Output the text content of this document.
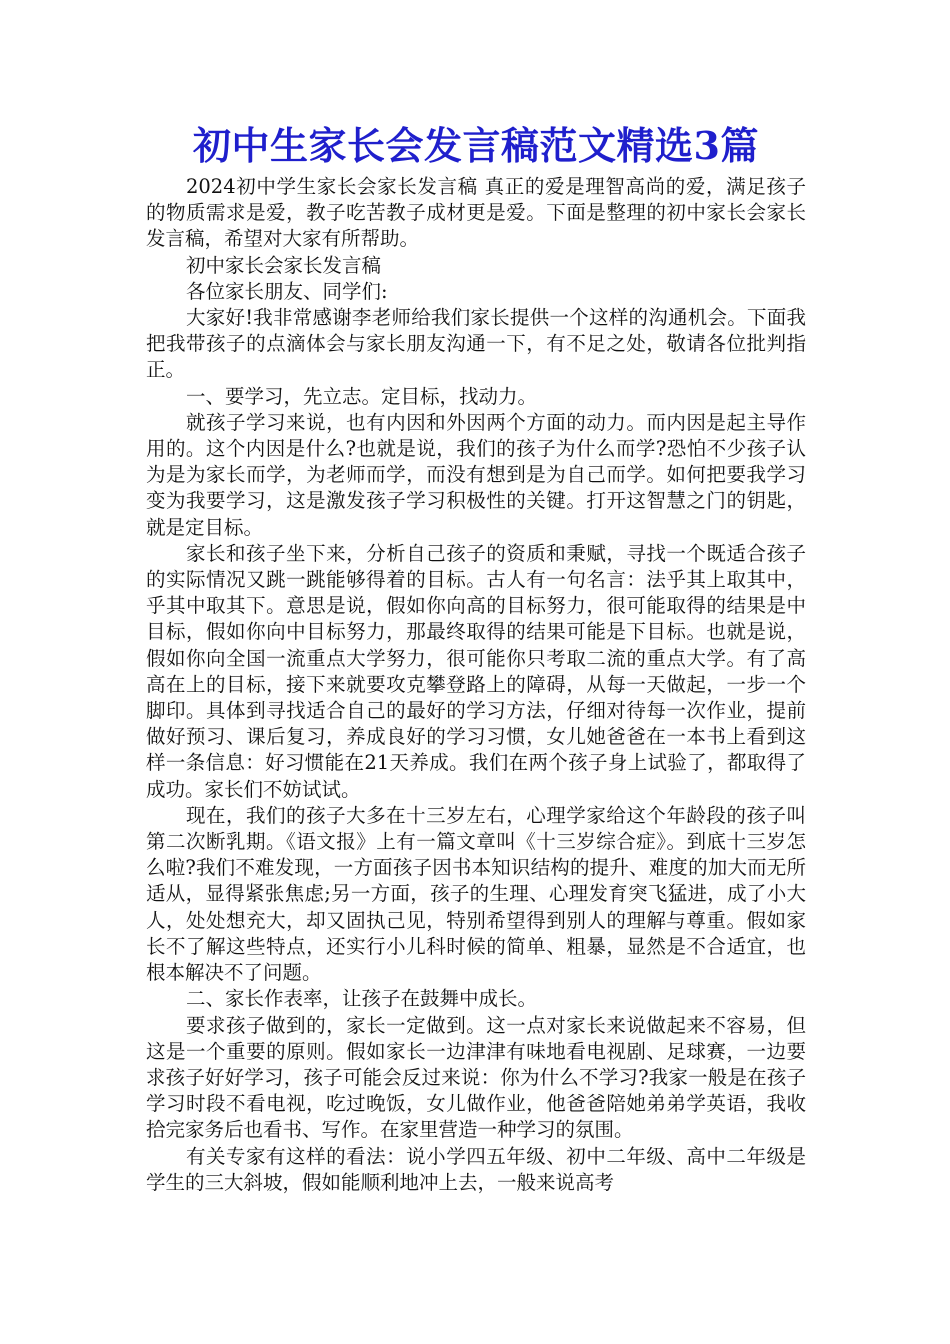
初中生家长会发言稿范文精选3篇

2024初中学生家长会家长发言稿 真正的爱是理智高尚的爱，满足孩子的物质需求是爱，教子吃苦教子成材更是爱。下面是整理的初中家长会家长发言稿，希望对大家有所帮助。

初中家长会家长发言稿

各位家长朋友、同学们:

大家好!我非常感谢李老师给我们家长提供一个这样的沟通机会。下面我把我带孩子的点滴体会与家长朋友沟通一下，有不足之处，敬请各位批判指正。

一、要学习，先立志。定目标，找动力。

就孩子学习来说，也有内因和外因两个方面的动力。而内因是起主导作用的。这个内因是什么?也就是说，我们的孩子为什么而学?恐怕不少孩子认为是为家长而学，为老师而学，而没有想到是为自己而学。如何把要我学习变为我要学习，这是激发孩子学习积极性的关键。打开这智慧之门的钥匙，就是定目标。

家长和孩子坐下来，分析自己孩子的资质和秉赋，寻找一个既适合孩子的实际情况又跳一跳能够得着的目标。古人有一句名言：法乎其上取其中，乎其中取其下。意思是说，假如你向高的目标努力，很可能取得的结果是中目标，假如你向中目标努力，那最终取得的结果可能是下目标。也就是说，假如你向全国一流重点大学努力，很可能你只考取二流的重点大学。有了高高在上的目标，接下来就要攻克攀登路上的障碍，从每一天做起，一步一个脚印。具体到寻找适合自己的最好的学习方法，仔细对待每一次作业，提前做好预习、课后复习，养成良好的学习习惯，女儿她爸爸在一本书上看到这样一条信息：好习惯能在21天养成。我们在两个孩子身上试验了，都取得了成功。家长们不妨试试。

现在，我们的孩子大多在十三岁左右，心理学家给这个年龄段的孩子叫第二次断乳期。《语文报》上有一篇文章叫《十三岁综合症》。到底十三岁怎么啦?我们不难发现，一方面孩子因书本知识结构的提升、难度的加大而无所适从，显得紧张焦虑;另一方面，孩子的生理、心理发育突飞猛进，成了小大人，处处想充大，却又固执己见，特别希望得到别人的理解与尊重。假如家长不了解这些特点，还实行小儿科时候的简单、粗暴，显然是不合适宜，也根本解决不了问题。

二、家长作表率，让孩子在鼓舞中成长。

要求孩子做到的，家长一定做到。这一点对家长来说做起来不容易，但这是一个重要的原则。假如家长一边津津有味地看电视剧、足球赛，一边要求孩子好好学习，孩子可能会反过来说：你为什么不学习?我家一般是在孩子学习时段不看电视，吃过晚饭，女儿做作业，他爸爸陪她弟弟学英语，我收拾完家务后也看书、写作。在家里营造一种学习的氛围。

有关专家有这样的看法：说小学四五年级、初中二年级、高中二年级是学生的三大斜坡，假如能顺利地冲上去，一般来说高考
